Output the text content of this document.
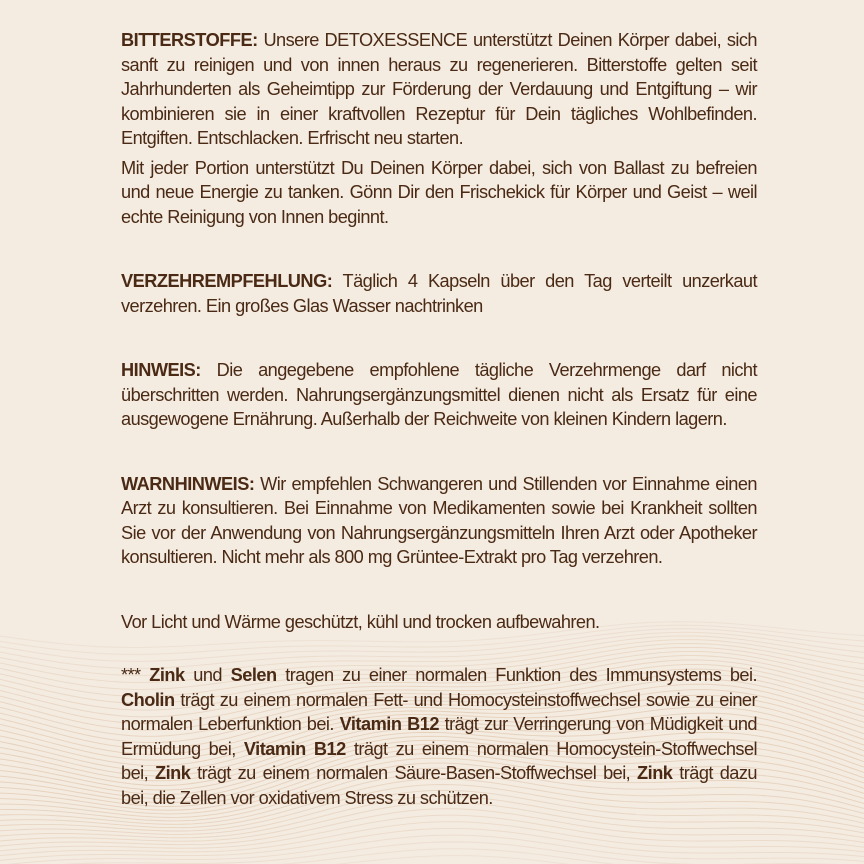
BITTERSTOFFE: Unsere DETOXESSENCE unterstützt Deinen Körper dabei, sich sanft zu reinigen und von innen heraus zu regenerieren. Bitterstoffe gelten seit Jahrhunderten als Geheimtipp zur Förderung der Verdauung und Entgiftung – wir kombinieren sie in einer kraftvollen Rezeptur für Dein tägliches Wohlbefinden. Entgiften. Entschlacken. Erfrischt neu starten.

Mit jeder Portion unterstützt Du Deinen Körper dabei, sich von Ballast zu befreien und neue Energie zu tanken. Gönn Dir den Frischekick für Körper und Geist – weil echte Reinigung von Innen beginnt.

VERZEHREMPFEHLUNG: Täglich 4 Kapseln über den Tag verteilt unzerkaut verzehren. Ein großes Glas Wasser nachtrinken

HINWEIS: Die angegebene empfohlene tägliche Verzehrmenge darf nicht überschritten werden. Nahrungsergänzungsmittel dienen nicht als Ersatz für eine ausgewogene Ernährung. Außerhalb der Reichweite von kleinen Kindern lagern.

WARNHINWEIS: Wir empfehlen Schwangeren und Stillenden vor Einnahme einen Arzt zu konsultieren. Bei Einnahme von Medikamenten sowie bei Krankheit sollten Sie vor der Anwendung von Nahrungsergänzungsmitteln Ihren Arzt oder Apotheker konsultieren. Nicht mehr als 800 mg Grüntee-Extrakt pro Tag verzehren.

Vor Licht und Wärme geschützt, kühl und trocken aufbewahren.

*** Zink und Selen tragen zu einer normalen Funktion des Immunsystems bei. Cholin trägt zu einem normalen Fett- und Homocysteinstoffwechsel sowie zu einer normalen Leberfunktion bei. Vitamin B12 trägt zur Verringerung von Müdigkeit und Ermüdung bei, Vitamin B12 trägt zu einem normalen Homocystein-Stoffwechsel bei, Zink trägt zu einem normalen Säure-Basen-Stoffwechsel bei, Zink trägt dazu bei, die Zellen vor oxidativem Stress zu schützen.
